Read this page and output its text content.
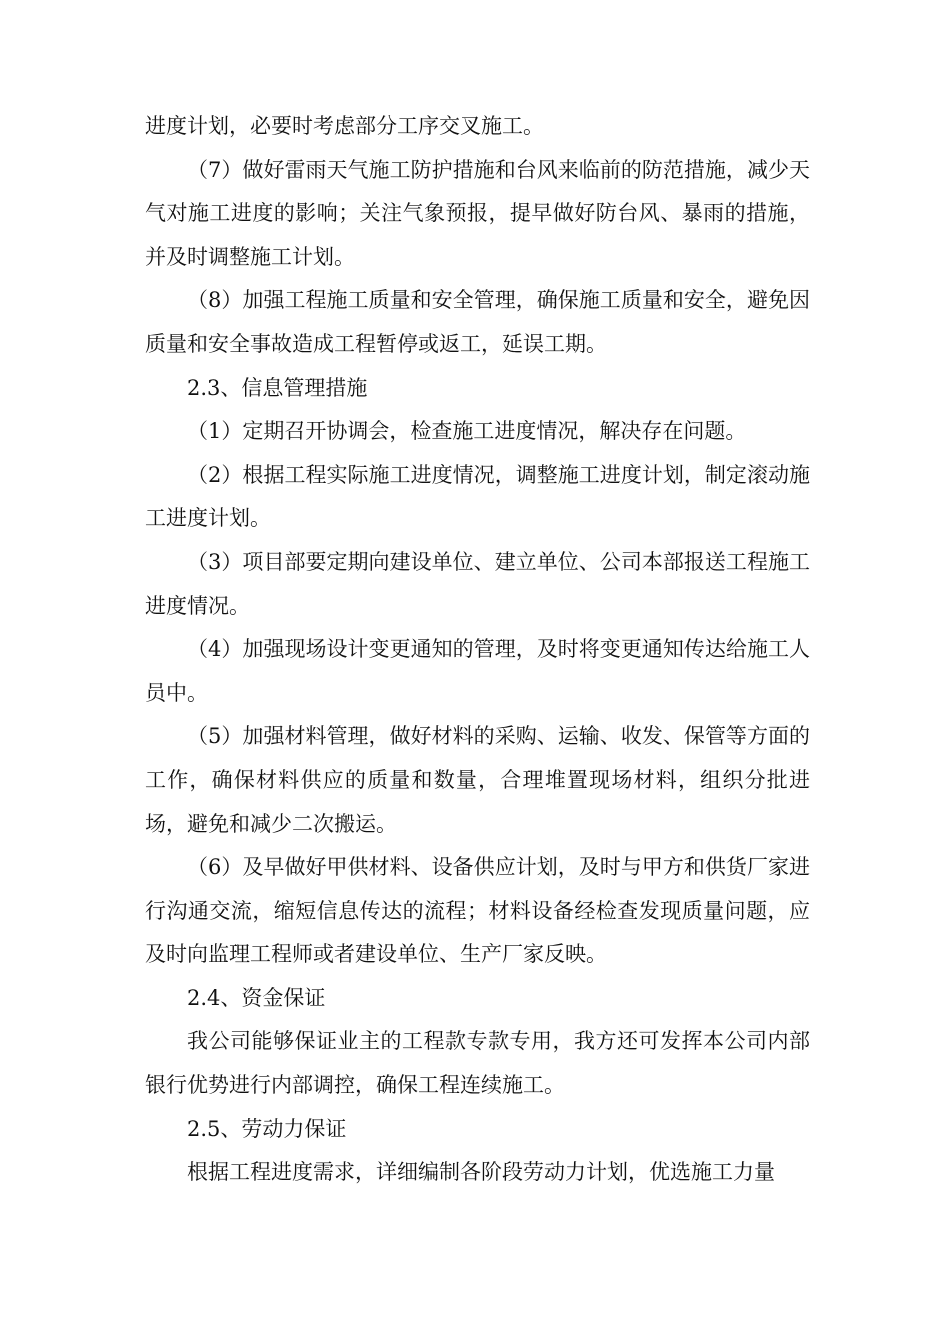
进度计划，必要时考虑部分工序交叉施工。

（7）做好雷雨天气施工防护措施和台风来临前的防范措施，减少天气对施工进度的影响；关注气象预报，提早做好防台风、暴雨的措施，并及时调整施工计划。

（8）加强工程施工质量和安全管理，确保施工质量和安全，避免因质量和安全事故造成工程暂停或返工，延误工期。

2.3、信息管理措施

（1）定期召开协调会，检查施工进度情况，解决存在问题。

（2）根据工程实际施工进度情况，调整施工进度计划，制定滚动施工进度计划。

（3）项目部要定期向建设单位、建立单位、公司本部报送工程施工进度情况。

（4）加强现场设计变更通知的管理，及时将变更通知传达给施工人员中。

（5）加强材料管理，做好材料的采购、运输、收发、保管等方面的工作，确保材料供应的质量和数量，合理堆置现场材料，组织分批进场，避免和减少二次搬运。

（6）及早做好甲供材料、设备供应计划，及时与甲方和供货厂家进行沟通交流，缩短信息传达的流程；材料设备经检查发现质量问题，应及时向监理工程师或者建设单位、生产厂家反映。

2.4、资金保证

我公司能够保证业主的工程款专款专用，我方还可发挥本公司内部银行优势进行内部调控，确保工程连续施工。

2.5、劳动力保证

根据工程进度需求，详细编制各阶段劳动力计划，优选施工力量
